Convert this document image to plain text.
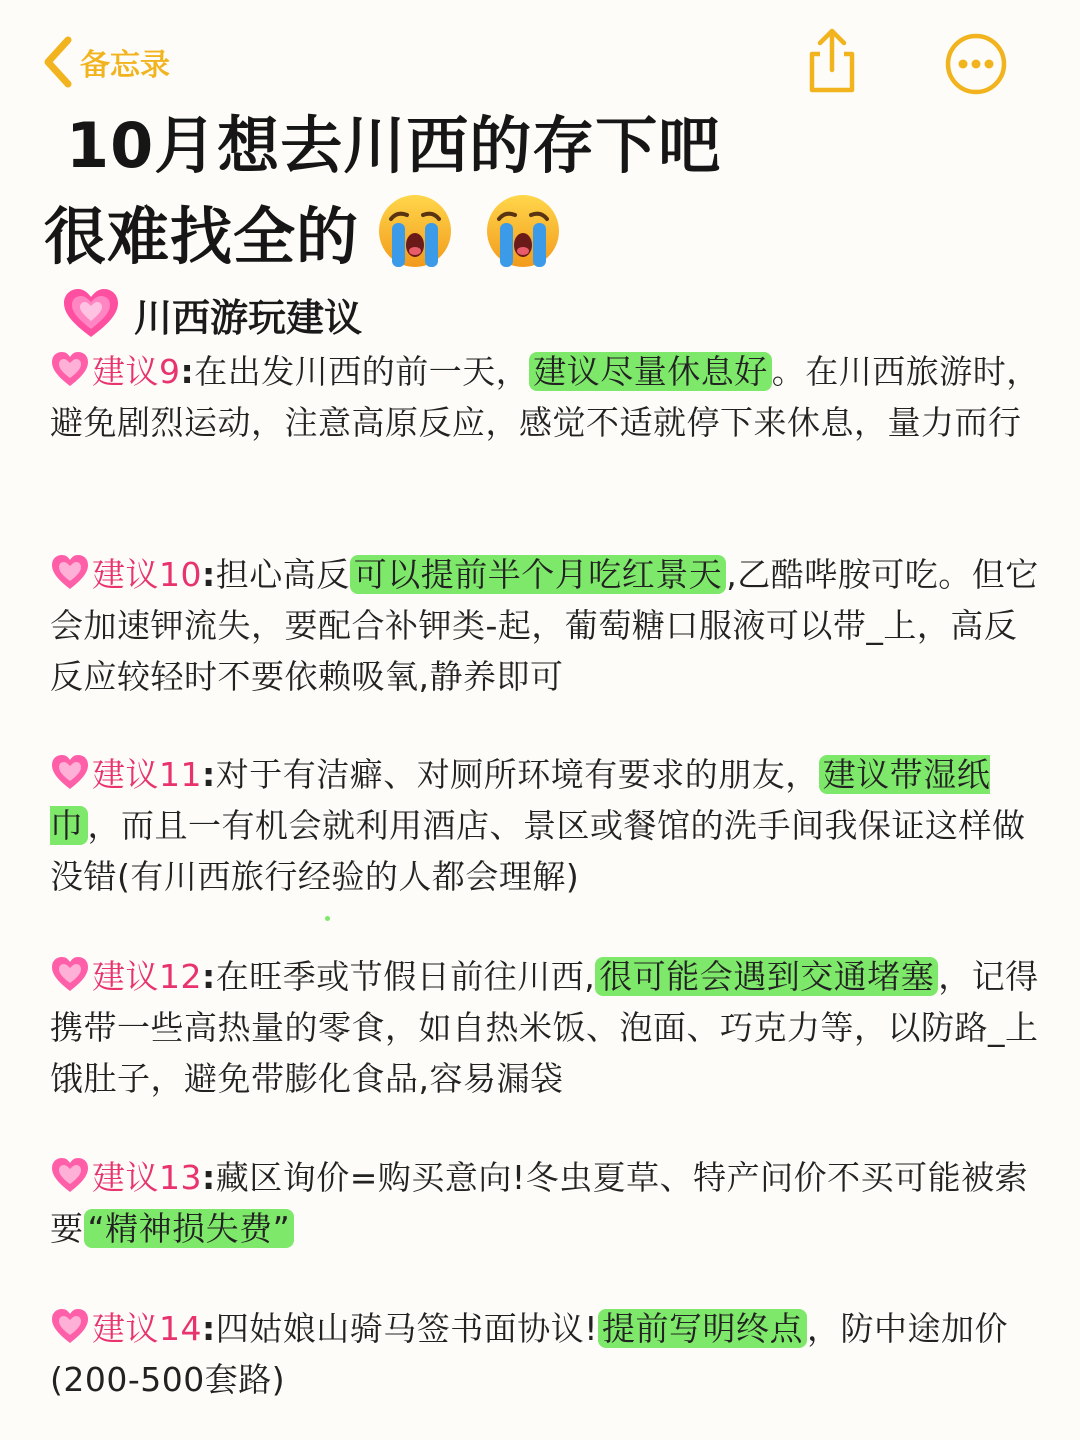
备忘录
10月想去川西的存下吧
很难找全的
川西游玩建议
建议9:在出发川西的前一天， 建议尽量休息好 。在川西旅游时，避免剧烈运动，注意高原反应，感觉不适就停下来休息，量力而行
建议10:担心高反 可以提前半个月吃红景天 ,乙酷哔胺可吃。但它会加速钾流失，要配合补钾类-起，葡萄糖口服液可以带_上，高反反应较轻时不要依赖吸氧,静养即可
建议11:对于有洁癖、对厕所环境有要求的朋友， 建议带湿纸巾 ，而且一有机会就利用酒店、景区或餐馆的洗手间我保证这样做没错(有川西旅行经验的人都会理解)
建议12:在旺季或节假日前往川西, 很可能会遇到交通堵塞 ，记得携带一些高热量的零食，如自热米饭、泡面、巧克力等，以防路_上饿肚子，避免带膨化食品,容易漏袋
建议13:藏区询价=购买意向!冬虫夏草、特产问价不买可能被索要 “精神损失费”
建议14:四姑娘山骑马签书面协议! 提前写明终点 ，防中途加价(200-500套路)
